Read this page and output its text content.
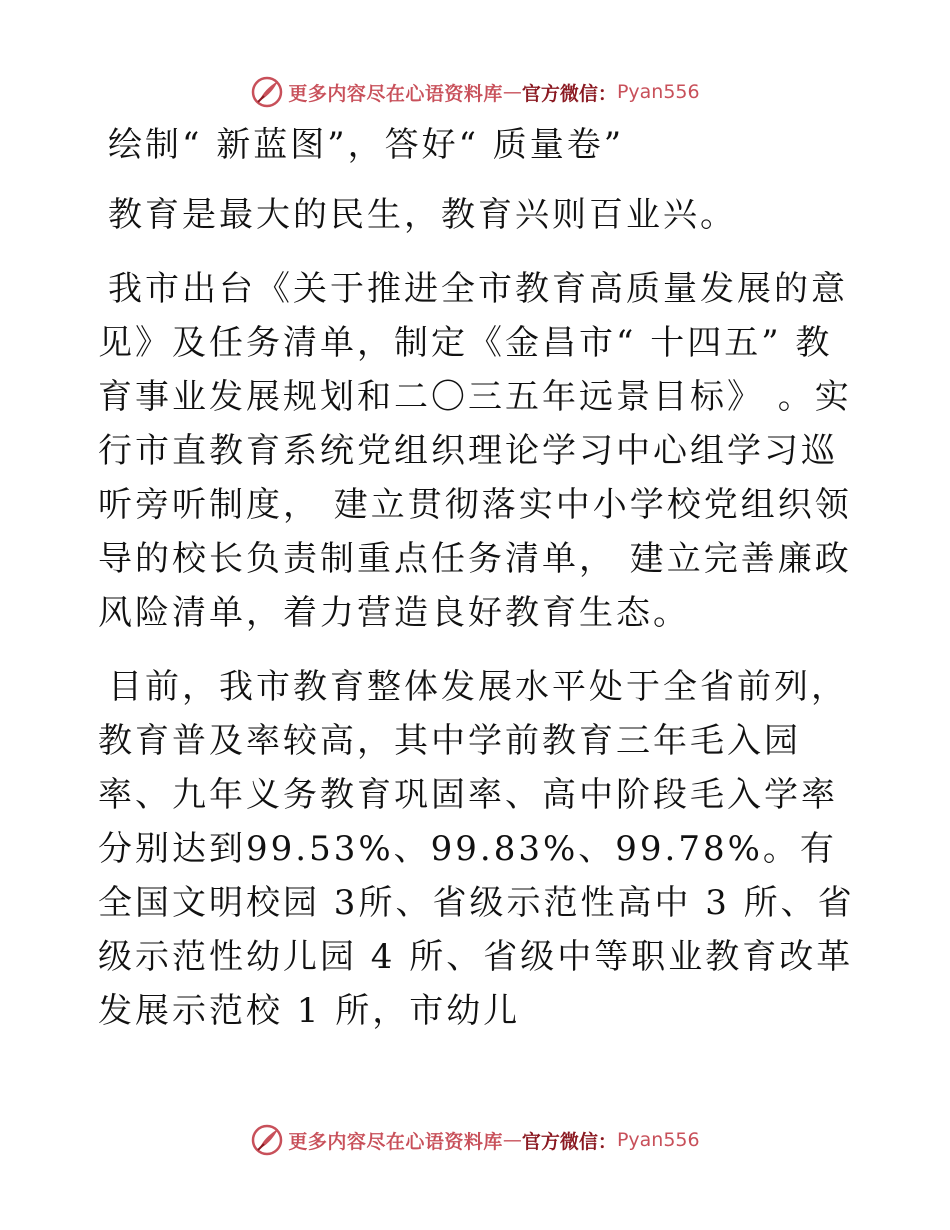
更多内容尽在心语资料库 — 官方微信： Pyan556

绘制“ 新蓝图”，答好“ 质量卷”

教育是最大的民生，教育兴则百业兴。

我市出台《关于推进全市教育高质量发展的意见》及任务清单，制定《金昌市“ 十四五” 教育事业发展规划和二〇三五年远景目标》 。实行市直教育系统党组织理论学习中心组学习巡听旁听制度， 建立贯彻落实中小学校党组织领导的校长负责制重点任务清单， 建立完善廉政风险清单，着力营造良好教育生态。

目前，我市教育整体发展水平处于全省前列，教育普及率较高，其中学前教育三年毛入园率、九年义务教育巩固率、高中阶段毛入学率分别达到99.53%、99.83%、99.78%。有全国文明校园 3所、省级示范性高中 3 所、省级示范性幼儿园 4 所、省级中等职业教育改革发展示范校 1 所，市幼儿

更多内容尽在心语资料库 — 官方微信： Pyan556
